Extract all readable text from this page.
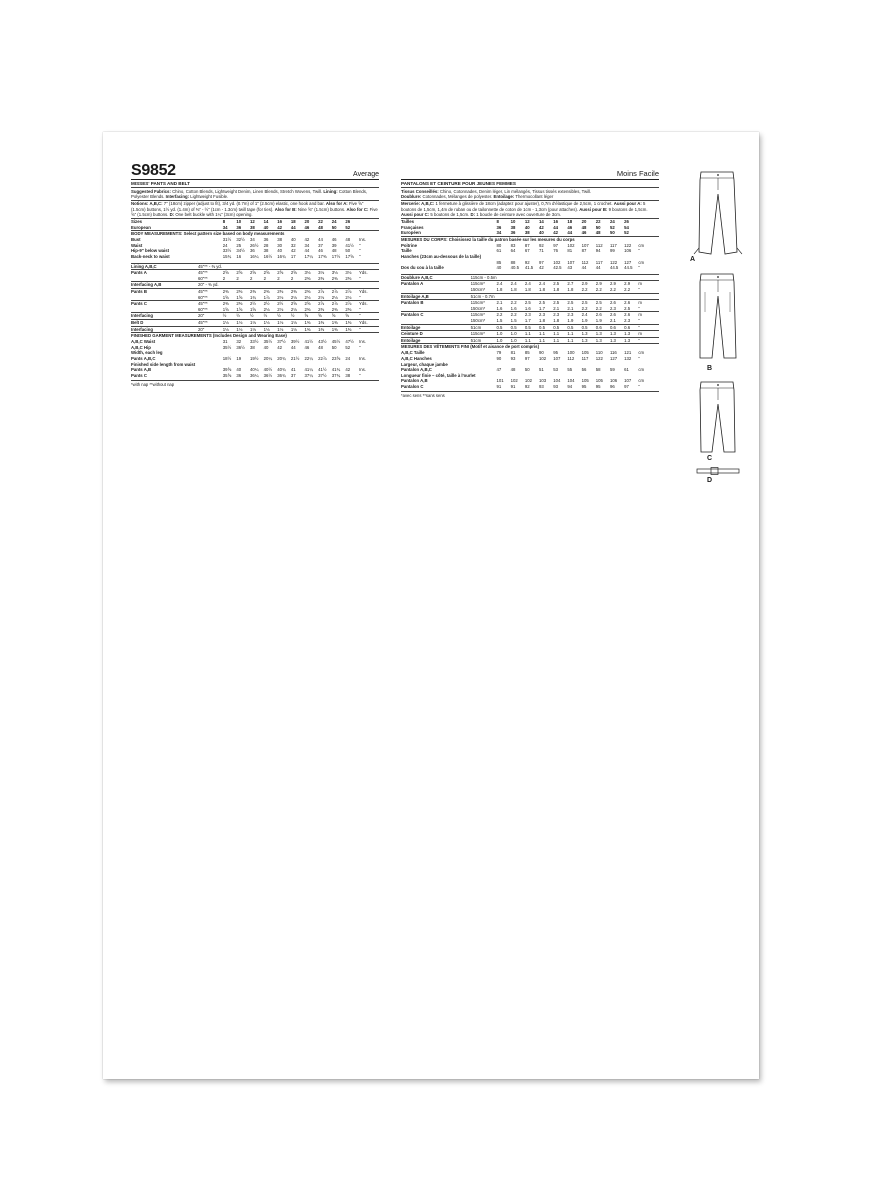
S9852	Average
MISSES' PANTS AND BELT
Suggested Fabrics: Chino, Cotton Blends, Lightweight Denim, Linen Blends, Stretch Wovens, Twill. Lining: Cotton Blends, Polyester Blends. Interfacing: Lightweight Fusible.
Notions: A,B,C: 7" (18cm) zipper (adjust to fit), 3/4 yd. (0.7m) of 1" (2.5cm) elastic, one hook and bar. Also for A: Five ⅝" (1.5cm) buttons, 1½ yd. (1.4m) of ⅜" - ½" (1cm - 1.3cm) twill tape (for ties). Also for B: Nine ⅝" (1.5cm) buttons. Also for C: Five ⅝" (1.5cm) buttons. D: One belt buckle with 1¼" (3cm) opening.
Sizes		8	10	12	14	16	18	20	22	24	26	
European		34	36	38	40	42	44	46	48	50	52	
BODY MEASUREMENTS: Select pattern size based on body measurements
Bust		31½	32½	34	36	38	40	42	44	46	48	Ins.
Waist		24	25	26½	28	30	32	34	37	39	41½	"
Hip-9" below waist		33½	34½	36	38	40	42	44	46	48	50	"
Back-neck to waist		15¾	16	16¼	16½	16¾	17	17¼	17⅜	17½	17⅝	"
Lining A,B,C	45"** - ⅜ yd.											
Pants A	45"**	2⅝	2⅝	2⅝	2⅝	2⅝	2⅝	3⅛	3⅛	3⅛	3⅛	Yds.
	60"**	2	2	2	2	2	2	2⅜	2⅜	2⅜	2⅜	"
Interfacing A,B	20" - ⅜ yd.											
Pants B	45"**	2⅜	2⅜	2⅜	2⅜	2⅜	2⅜	2⅜	2⅞	2⅞	2⅞	Yds.
	60"**	1⅝	1⅝	1¾	1⅞	2⅛	2⅛	2⅛	2⅛	2⅛	2⅛	"
Pants C	45"**	2⅜	2⅜	2½	2½	2½	2⅝	2⅝	2⅞	2⅞	2⅞	Yds.
	60"**	1⅝	1⅝	1⅝	2⅛	2⅛	2⅛	2⅜	2⅜	2⅜	2⅜	"
Interfacing	20"	½	½	½	½	½	½	⅝	⅝	⅝	⅝	"
Belt D	45"**	1⅛	1⅛	1⅛	1⅛	1⅛	1⅛	1⅜	1⅜	1⅜	1⅜	Yds.
Interfacing	20"	1⅛	1⅛	1⅛	1⅛	1⅛	1⅛	1⅜	1⅜	1⅜	1⅜	"
FINISHED GARMENT MEASUREMENTS (Includes Design and Wearing Ease)
A,B,C Waist		31	32	33½	35½	37½	39½	41½	43½	45½	47½	Ins.
A,B,C Hip		35½	36½	38	40	42	44	46	48	50	52	"
Width, each leg												
Pants A,B,C		18½	19	19½	20¼	20¾	21½	22¼	22⅞	23⅝	24	Ins.
Finished side length from waist												
Pants A,B		39⅝	40	40¼	40½	40¾	41	41¼	41½	41¾	42	Ins.
Pants C		35⅝	36	36¼	36½	36¾	37	37¼	37½	37¾	38	"
*with nap **without nap
Moins Facile
PANTALONS ET CEINTURE POUR JEUNES FEMMES
Tissus Conseillés: Chino, Cotonnades, Denim léger, Lin mélangés, Tissus tissés extensibles, Twill.
Doublure: Cotonnades, Mélanges de polyester. Entoilage: Thermocollant léger
Mercerie: A,B,C: 1 fermeture à glissière de 18cm (adaptez pour ajuster), 0,7m d'élastique de 2,5cm, 1 crochet. Aussi pour A: 5 boutons de 1,5cm, 1,4m de ruban ou de tailonnette de coton de 1cm - 1,3cm (pour attaches). Aussi pour B: 9 boutons de 1,5cm. Aussi pour C: 5 boutons de 1,5cm. D: 1 boucle de ceinture avec ouverture de 3cm.
Tailles		8	10	12	14	16	18	20	22	24	26	
Françaises		36	38	40	42	44	46	48	50	52	54	
Européen		34	36	38	40	42	44	46	48	50	52	
MESURES DU CORPS: Choisissez la taille du patron basée sur les mesures du corps
Poitrine		80	83	87	92	97	102	107	112	117	122	cm
Taille		61	64	67	71	76	81	87	94	99	106	"
Hanches (23cm au-dessous de la taille)												
		85	88	92	97	102	107	112	117	122	127	cm
Dos du cou à la taille		40	40.5	41.5	42	42.5	43	44	44	44.5	44.5	"
Doublure A,B,C	115cm - 0.5m											
Pantalon A	115cm*	2.4	2.4	2.4	2.4	2.5	2.7	2.9	2.9	2.9	2.9	m
	150cm*	1.8	1.8	1.8	1.8	1.8	1.8	2.2	2.2	2.2	2.2	"
Entoilage A,B	51cm - 0.7m											
Pantalon B	115cm*	2.1	2.2	2.5	2.5	2.5	2.5	2.5	2.5	2.6	2.6	m
	150cm*	1.6	1.6	1.6	1.7	2.1	2.1	2.2	2.2	2.3	2.5	"
Pantalon C	115cm*	2.2	2.2	2.3	2.3	2.3	2.3	2.4	2.6	2.6	2.6	m
	150cm*	1.5	1.5	1.7	1.8	1.8	1.9	1.9	1.9	2.1	2.3	"
Entoilage	51cm	0.5	0.5	0.5	0.5	0.5	0.5	0.5	0.6	0.6	0.6	"
Ceinture D	115cm*	1.0	1.0	1.1	1.1	1.1	1.1	1.3	1.3	1.3	1.3	m
Entoilage	51cm	1.0	1.0	1.1	1.1	1.1	1.1	1.3	1.3	1.3	1.3	"
MESURES DES VÊTEMENTS FINI (Motif et aisance de port compris)
A,B,C Taille		79	81	85	90	95	100	105	110	116	121	cm
A,B,C Hanches		90	93	97	102	107	112	117	122	127	132	"
Largeur, chaque jambe												
Pantalon A,B,C		47	48	50	51	53	55	56	58	59	61	cm
Longueur finie – côté, taille à l'ourlet												
Pantalon A,B		101	102	102	103	104	104	105	105	106	107	cm
Pantalon C		91	91	92	93	93	94	95	95	96	97	"
*avec sens **sans sens
A
B
C
D
